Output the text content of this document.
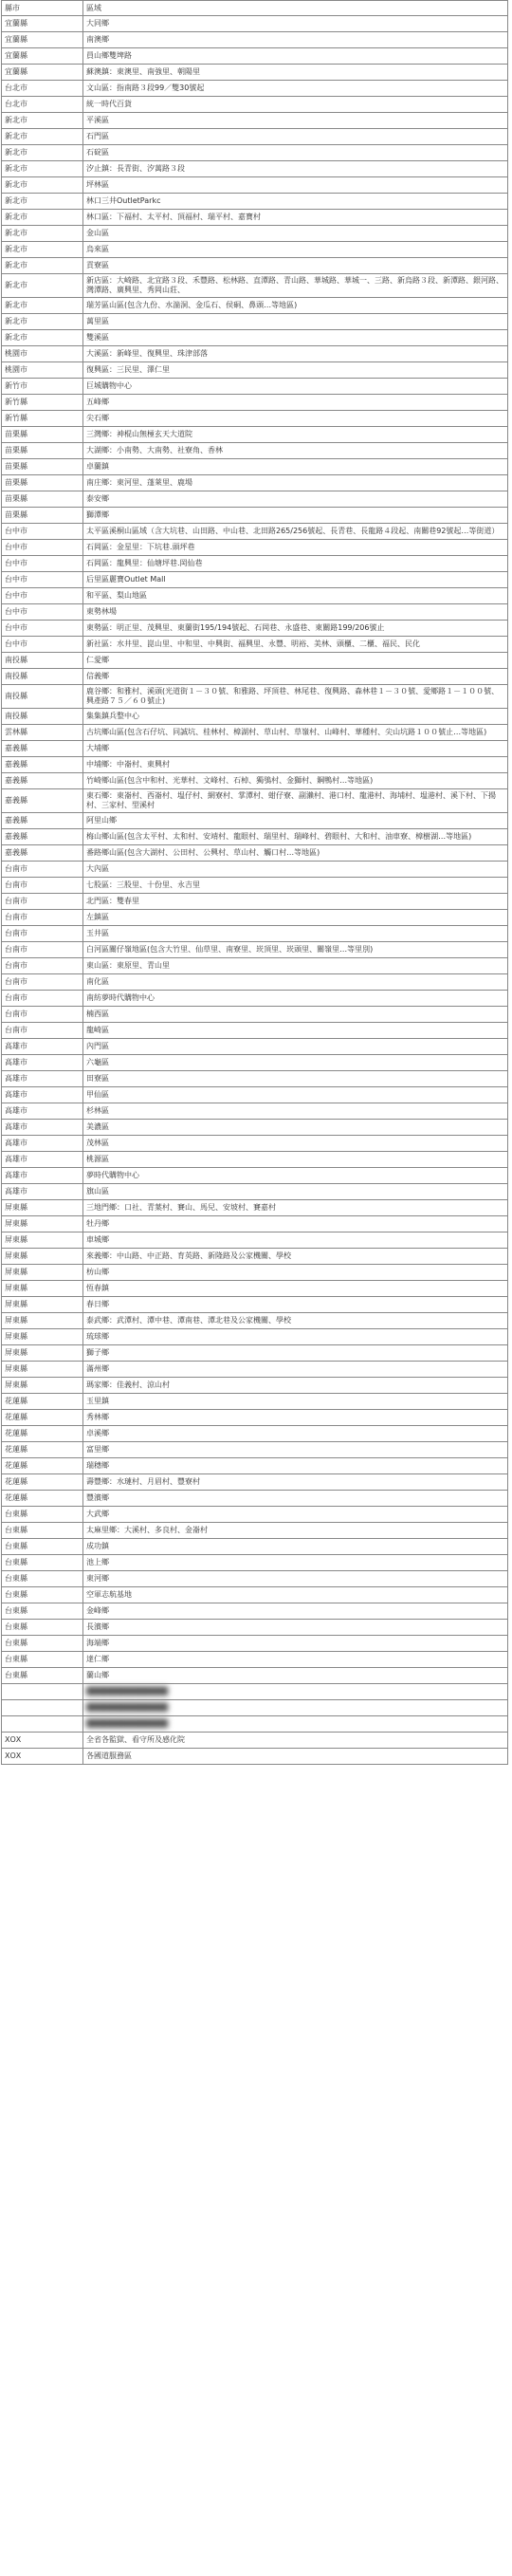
縣市	區域
宜蘭縣	大同鄉
宜蘭縣	南澳鄉
宜蘭縣	員山鄉雙埤路
宜蘭縣	蘇澳鎮：東澳里、南強里、朝陽里
台北市	文山區：指南路３段99／雙30號起
台北市	統一時代百貨
新北市	平溪區
新北市	石門區
新北市	石碇區
新北市	汐止鎮：長青街、汐萬路３段
新北市	坪林區
新北市	林口三井OutletParkc
新北市	林口區：下福村、太平村、頂福村、瑞平村、嘉寶村
新北市	金山區
新北市	烏來區
新北市	貢寮區
新北市	新店區：大崎路、北宜路３段、禾豐路、松林路、直潭路、青山路、華城路、華城一、三路、新烏路３段、新潭路、銀河路、灣潭路、廣興里、秀岡山莊、
新北市	瑞芳區山區(包含九份、水湍洞、金瓜石、侯硐、鼻頭…等地區)
新北市	萬里區
新北市	雙溪區
桃園市	大溪區：新峰里、復興里、珠津部落
桃園市	復興區：三民里、澤仁里
新竹市	巨城購物中心
新竹縣	五峰鄉
新竹縣	尖石鄉
苗栗縣	三灣鄉：神棍山無極玄天大道院
苗栗縣	大湖鄉：小南勢、大南勢、社寮角、香林
苗栗縣	卓蘭鎮
苗栗縣	南庄鄉：東河里、蓬萊里、鹿場
苗栗縣	泰安鄉
苗栗縣	獅潭鄉
台中市	太平區溪桐山區域（含大坑巷、山田路、中山巷、北田路265/256號起、長青巷、長龍路４段起、南關巷92號起…等街道）
台中市	石岡區：金星里：下坑巷.頭坪巷
台中市	石岡區：龍興里：仙塘坪巷.岡仙巷
台中市	后里區麗寶Outlet Mall
台中市	和平區、梨山地區
台中市	東勢林場
台中市	東勢區：明正里、茂興里、東蘭街195/194號起、石岡巷、永盛巷、東關路199/206號止
台中市	新社區：水井里、崑山里、中和里、中興街、福興里、永豐、明裕、美林、頭櫃、二櫃、福民、民化
南投縣	仁愛鄉
南投縣	信義鄉
南投縣	鹿谷鄉：和雅村、溪頭(光道街１－３０號、和雅路、坪頂巷、林尾巷、復興路、森林巷１－３０號、愛鄉路１－１００號、興產路７５／６０號止)
南投縣	集集鎮兵整中心
雲林縣	古坑鄉山區(包含石仔坑、同誠坑、桂林村、樟湖村、草山村、草嶺村、山峰村、華種村、尖山坑路１００號止…等地區)
嘉義縣	大埔鄉
嘉義縣	中埔鄉：中崙村、東興村
嘉義縣	竹崎鄉山區(包含中和村、光華村、文峰村、石棹、獨鴞村、金獅村、鋼鴨村…等地區)
嘉義縣	東石鄉：東崙村、西崙村、塭仔村、網寮村、掌潭村、蚶仔寮、副瀨村、港口村、龍港村、海埔村、塭港村、溪下村、下揚村、三家村、型溪村
嘉義縣	阿里山鄉
嘉義縣	梅山鄉山區(包含太平村、太和村、安靖村、龍眼村、瑞里村、瑞峰村、碧眼村、大和村、油車寮、樟樹湖…等地區)
嘉義縣	番路鄉山區(包含大湖村、公田村、公興村、草山村、觸口村…等地區)
台南市	大內區
台南市	七股區：三股里、十份里、永吉里
台南市	北門區：雙春里
台南市	左鎮區
台南市	玉井區
台南市	白河區關仔嶺地區(包含大竹里、仙草里、南寮里、崁頂里、崁頭里、關嶺里…等里別)
台南市	東山區：東原里、青山里
台南市	南化區
台南市	南紡夢時代購物中心
台南市	楠西區
台南市	龍崎區
高雄市	內門區
高雄市	六龜區
高雄市	田寮區
高雄市	甲仙區
高雄市	杉林區
高雄市	美濃區
高雄市	茂林區
高雄市	桃源區
高雄市	夢時代購物中心
高雄市	旗山區
屏東縣	三地門鄉：口社、青葉村、賽山、馬兒、安坡村、賽嘉村
屏東縣	牡丹鄉
屏東縣	車城鄉
屏東縣	來義鄉：中山路、中正路、育英路、新隆路及公家機關、學校
屏東縣	枋山鄉
屏東縣	恆春鎮
屏東縣	春日鄉
屏東縣	泰武鄉：武潭村、潭中巷、潭南巷、潭北巷及公家機關、學校
屏東縣	琉球鄉
屏東縣	獅子鄉
屏東縣	滿州鄉
屏東縣	瑪家鄉：佳義村、涼山村
花蓮縣	玉里鎮
花蓮縣	秀林鄉
花蓮縣	卓溪鄉
花蓮縣	富里鄉
花蓮縣	瑞穗鄉
花蓮縣	壽豐鄉：水璉村、月眉村、豐寮村
花蓮縣	豐濱鄉
台東縣	大武鄉
台東縣	太麻里鄉：大溪村、多良村、金崙村
台東縣	成功鎮
台東縣	池上鄉
台東縣	東河鄉
台東縣	空軍志航基地
台東縣	金峰鄉
台東縣	長濱鄉
台東縣	海端鄉
台東縣	達仁鄉
台東縣	蘭山鄉
	██████████████
	██████████████
	██████████████
ХОХ	全省各監獄、看守所及感化院
ХОХ	各國道服務區
